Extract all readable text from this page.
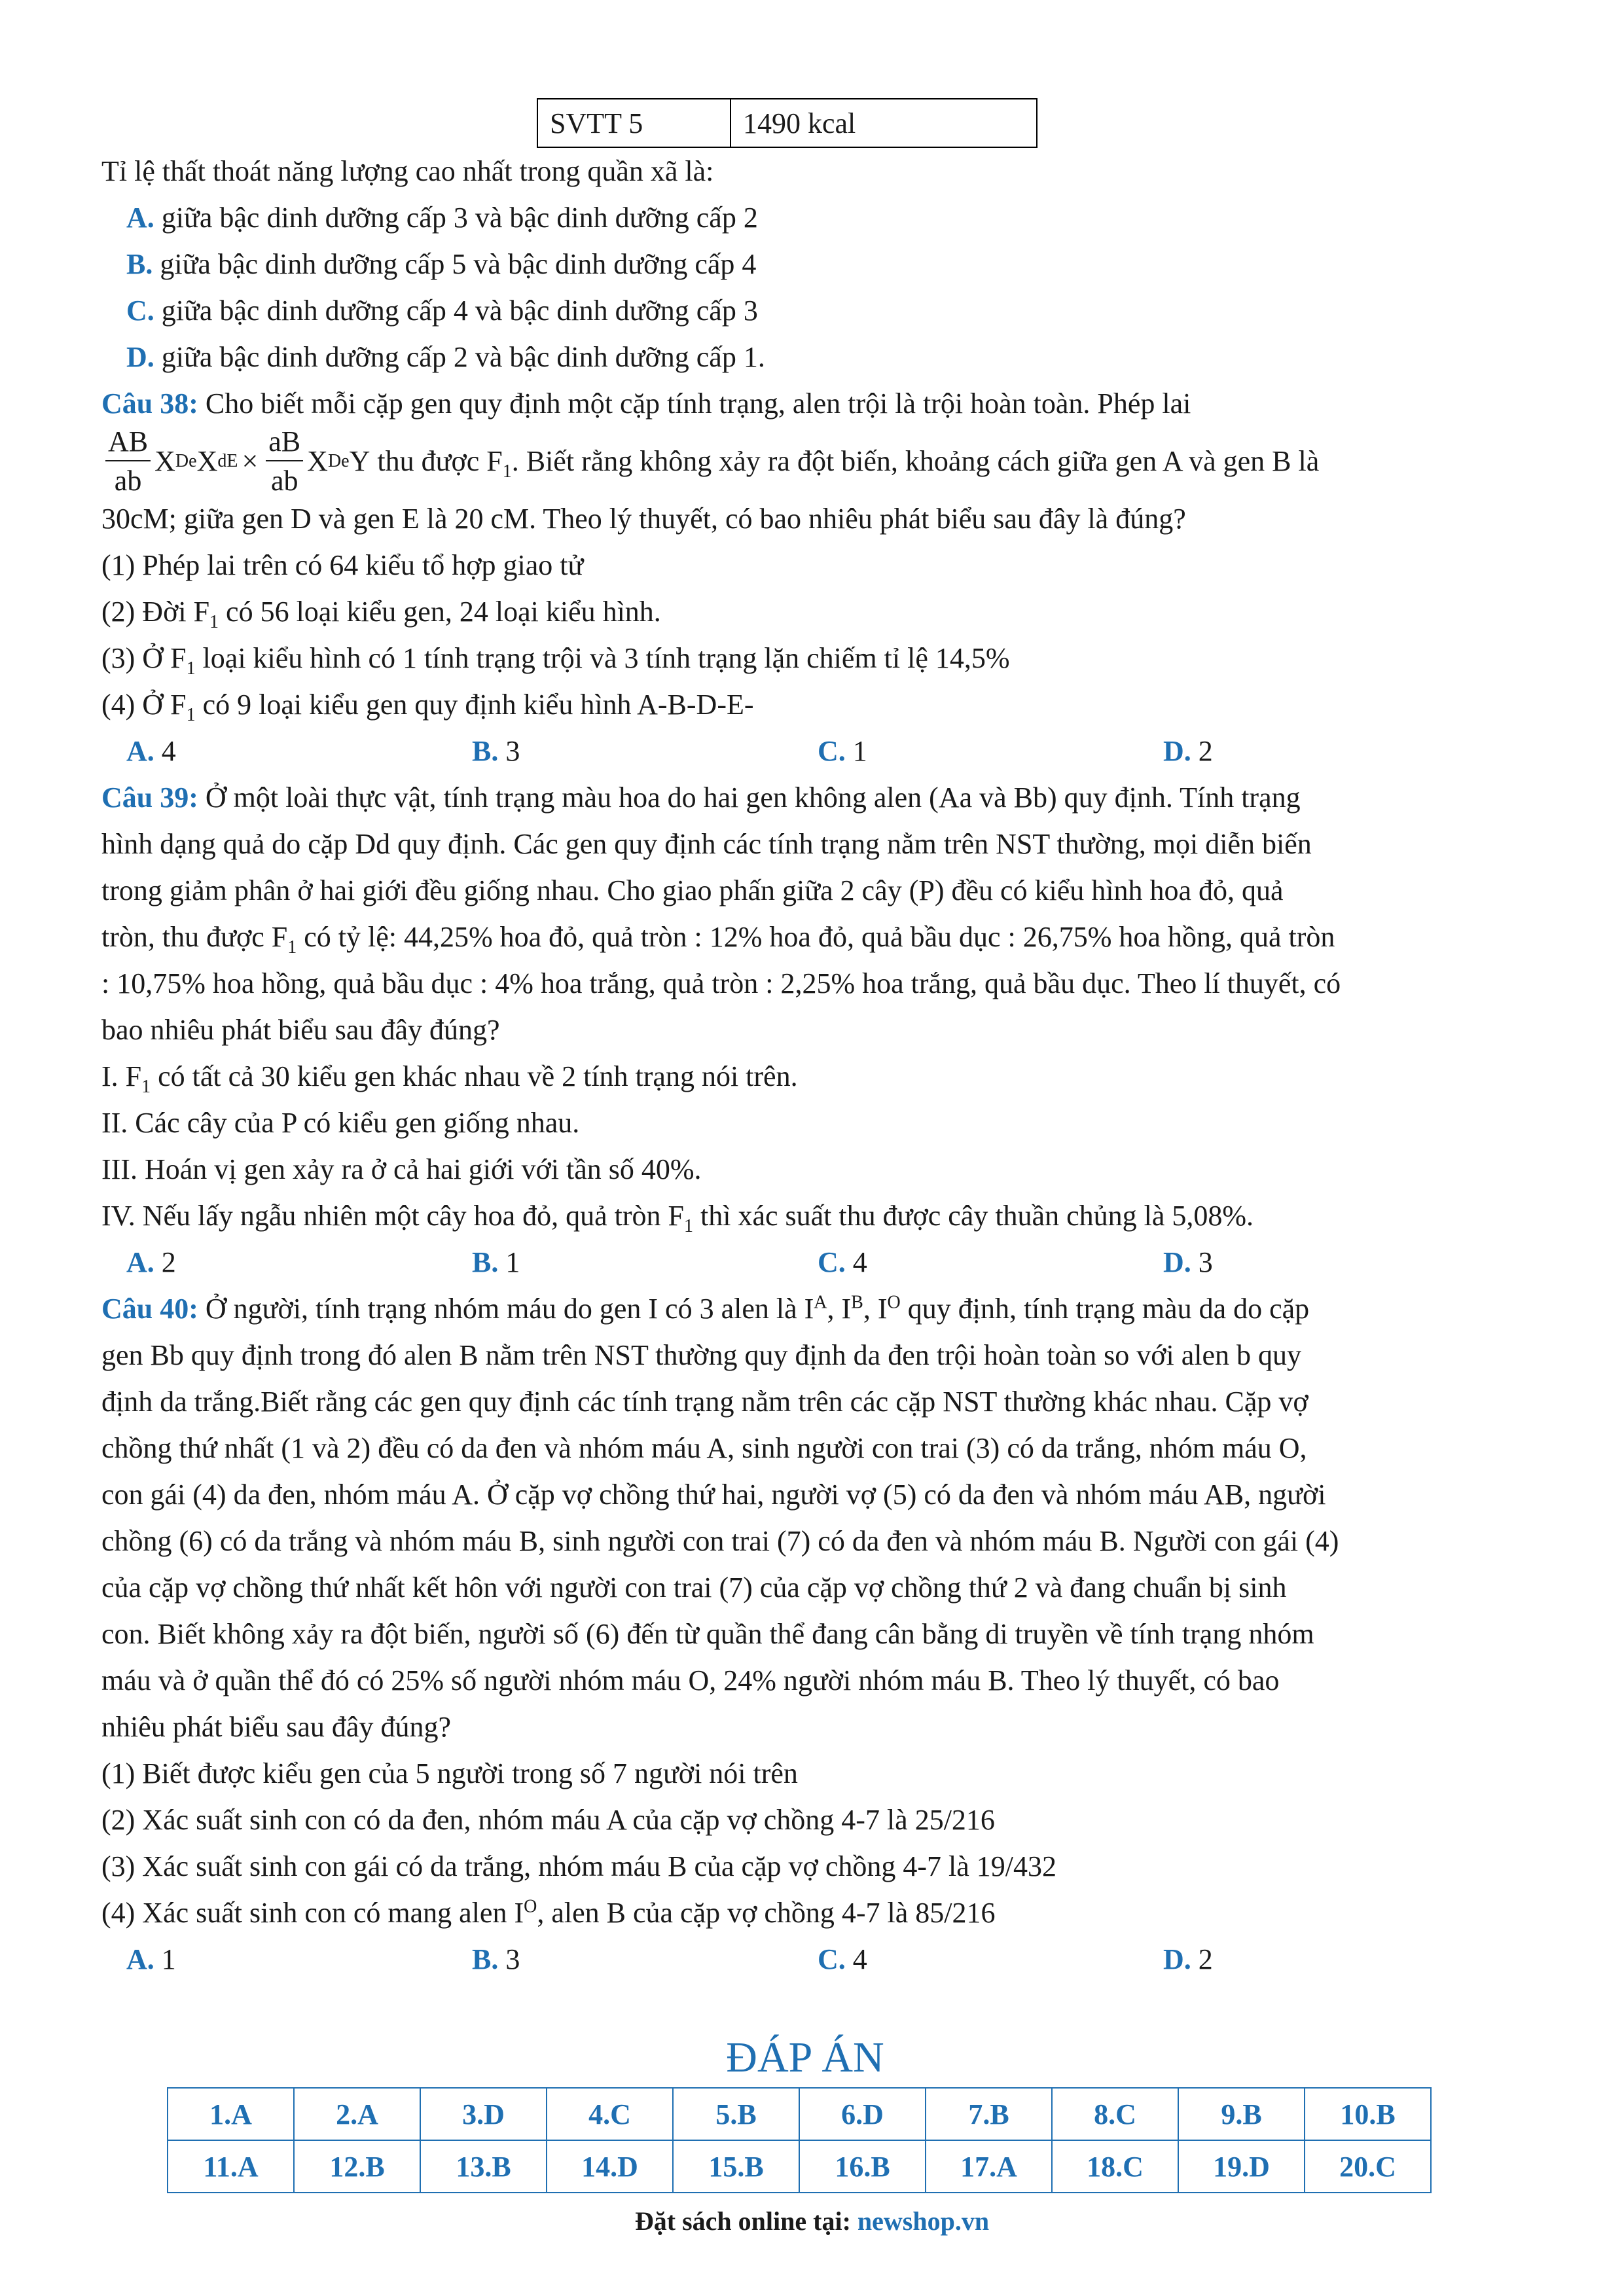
SVTT 5	1490 kcal

Tỉ lệ thất thoát năng lượng cao nhất trong quần xã là:

A. giữa bậc dinh dưỡng cấp 3 và bậc dinh dưỡng cấp 2

B. giữa bậc dinh dưỡng cấp 5 và bậc dinh dưỡng cấp 4

C. giữa bậc dinh dưỡng cấp 4 và bậc dinh dưỡng cấp 3

D. giữa bậc dinh dưỡng cấp 2 và bậc dinh dưỡng cấp 1.

Câu 38: Cho biết mỗi cặp gen quy định một cặp tính trạng, alen trội là trội hoàn toàn. Phép lai

$\frac{AB}{ab}$ X De X dE × $\frac{aB}{ab}$ X De Y thu được $F_1$. Biết rằng không xảy ra đột biến, khoảng cách giữa gen A và gen B là

30cM; giữa gen D và gen E là 20 cM. Theo lý thuyết, có bao nhiêu phát biểu sau đây là đúng?

(1) Phép lai trên có 64 kiểu tổ hợp giao tử

(2) Đời $F_1$ có 56 loại kiểu gen, 24 loại kiểu hình.

(3) Ở $F_1$ loại kiểu hình có 1 tính trạng trội và 3 tính trạng lặn chiếm tỉ lệ 14,5%

(4) Ở $F_1$ có 9 loại kiểu gen quy định kiểu hình A-B-D-E-

A. 4	B. 3	C. 1	D. 2

Câu 39: Ở một loài thực vật, tính trạng màu hoa do hai gen không alen (Aa và Bb) quy định. Tính trạng

hình dạng quả do cặp Dd quy định. Các gen quy định các tính trạng nằm trên NST thường, mọi diễn biến

trong giảm phân ở hai giới đều giống nhau. Cho giao phấn giữa 2 cây (P) đều có kiểu hình hoa đỏ, quả

tròn, thu được $F_1$ có tỷ lệ: 44,25% hoa đỏ, quả tròn : 12% hoa đỏ, quả bầu dục : 26,75% hoa hồng, quả tròn

: 10,75% hoa hồng, quả bầu dục : 4% hoa trắng, quả tròn : 2,25% hoa trắng, quả bầu dục. Theo lí thuyết, có

bao nhiêu phát biểu sau đây đúng?

I. $F_1$ có tất cả 30 kiểu gen khác nhau về 2 tính trạng nói trên.

II. Các cây của P có kiểu gen giống nhau.

III. Hoán vị gen xảy ra ở cả hai giới với tần số 40%.

IV. Nếu lấy ngẫu nhiên một cây hoa đỏ, quả tròn $F_1$ thì xác suất thu được cây thuần chủng là 5,08%.

A. 2	B. 1	C. 4	D. 3

Câu 40: Ở người, tính trạng nhóm máu do gen I có 3 alen là $I^A$, $I^B$, $I^O$ quy định, tính trạng màu da do cặp

gen Bb quy định trong đó alen B nằm trên NST thường quy định da đen trội hoàn toàn so với alen b quy

định da trắng.Biết rằng các gen quy định các tính trạng nằm trên các cặp NST thường khác nhau. Cặp vợ

chồng thứ nhất (1 và 2) đều có da đen và nhóm máu A, sinh người con trai (3) có da trắng, nhóm máu O,

con gái (4) da đen, nhóm máu A. Ở cặp vợ chồng thứ hai, người vợ (5) có da đen và nhóm máu AB, người

chồng (6) có da trắng và nhóm máu B, sinh người con trai (7) có da đen và nhóm máu B. Người con gái (4)

của cặp vợ chồng thứ nhất kết hôn với người con trai (7) của cặp vợ chồng thứ 2 và đang chuẩn bị sinh

con. Biết không xảy ra đột biến, người số (6) đến từ quần thể đang cân bằng di truyền về tính trạng nhóm

máu và ở quần thể đó có 25% số người nhóm máu O, 24% người nhóm máu B. Theo lý thuyết, có bao

nhiêu phát biểu sau đây đúng?

(1) Biết được kiểu gen của 5 người trong số 7 người nói trên

(2) Xác suất sinh con có da đen, nhóm máu A của cặp vợ chồng 4-7 là 25/216

(3) Xác suất sinh con gái có da trắng, nhóm máu B của cặp vợ chồng 4-7 là 19/432

(4) Xác suất sinh con có mang alen $I^O$, alen B của cặp vợ chồng 4-7 là 85/216

A. 1	B. 3	C. 4	D. 2

ĐÁP ÁN

1.A	2.A	3.D	4.C	5.B	6.D	7.B	8.C	9.B	10.B
11.A	12.B	13.B	14.D	15.B	16.B	17.A	18.C	19.D	20.C
Đặt sách online tại: newshop.vn
